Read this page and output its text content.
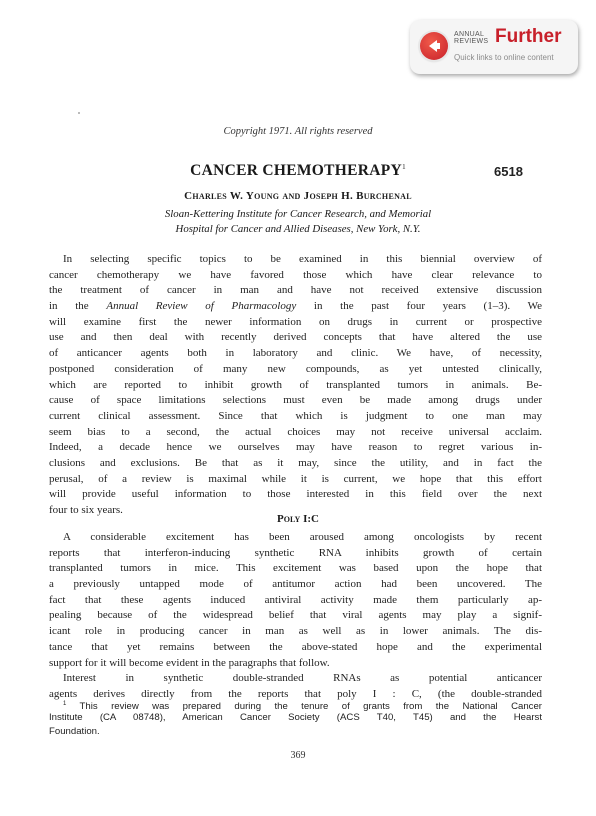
ANNUAL
REVIEWS Further
Quick links to online content
Copyright 1971. All rights reserved
CANCER CHEMOTHERAPY$^1$	6518
Charles W. Young and Joseph H. Burchenal
Sloan-Kettering Institute for Cancer Research, and Memorial
Hospital for Cancer and Allied Diseases, New York, N.Y.
In selecting specific topics to be examined in this biennial overview of
cancer chemotherapy we have favored those which have clear relevance to
the treatment of cancer in man and have not received extensive discussion
in the Annual Review of Pharmacology in the past four years (1–3). We
will examine first the newer information on drugs in current or prospective
use and then deal with recently derived concepts that have altered the use
of anticancer agents both in laboratory and clinic. We have, of necessity,
postponed consideration of many new compounds, as yet untested clinically,
which are reported to inhibit growth of transplanted tumors in animals. Be-
cause of space limitations selections must even be made among drugs under
current clinical assessment. Since that which is judgment to one man may
seem bias to a second, the actual choices may not receive universal acclaim.
Indeed, a decade hence we ourselves may have reason to regret various in-
clusions and exclusions. Be that as it may, since the utility, and in fact the
perusal, of a review is maximal while it is current, we hope that this effort
will provide useful information to those interested in this field over the next
four to six years.
Poly I:C
A considerable excitement has been aroused among oncologists by recent
reports that interferon-inducing synthetic RNA inhibits growth of certain
transplanted tumors in mice. This excitement was based upon the hope that
a previously untapped mode of antitumor action had been uncovered. The
fact that these agents induced antiviral activity made them particularly ap-
pealing because of the widespread belief that viral agents may play a signif-
icant role in producing cancer in man as well as in lower animals. The dis-
tance that yet remains between the above-stated hope and the experimental
support for it will become evident in the paragraphs that follow.
Interest in synthetic double-stranded RNAs as potential anticancer
agents derives directly from the reports that poly I : C, (the double-stranded
$^1$ This review was prepared during the tenure of grants from the National Cancer
Institute (CA 08748), American Cancer Society (ACS T40, T45) and the Hearst
Foundation.
369
